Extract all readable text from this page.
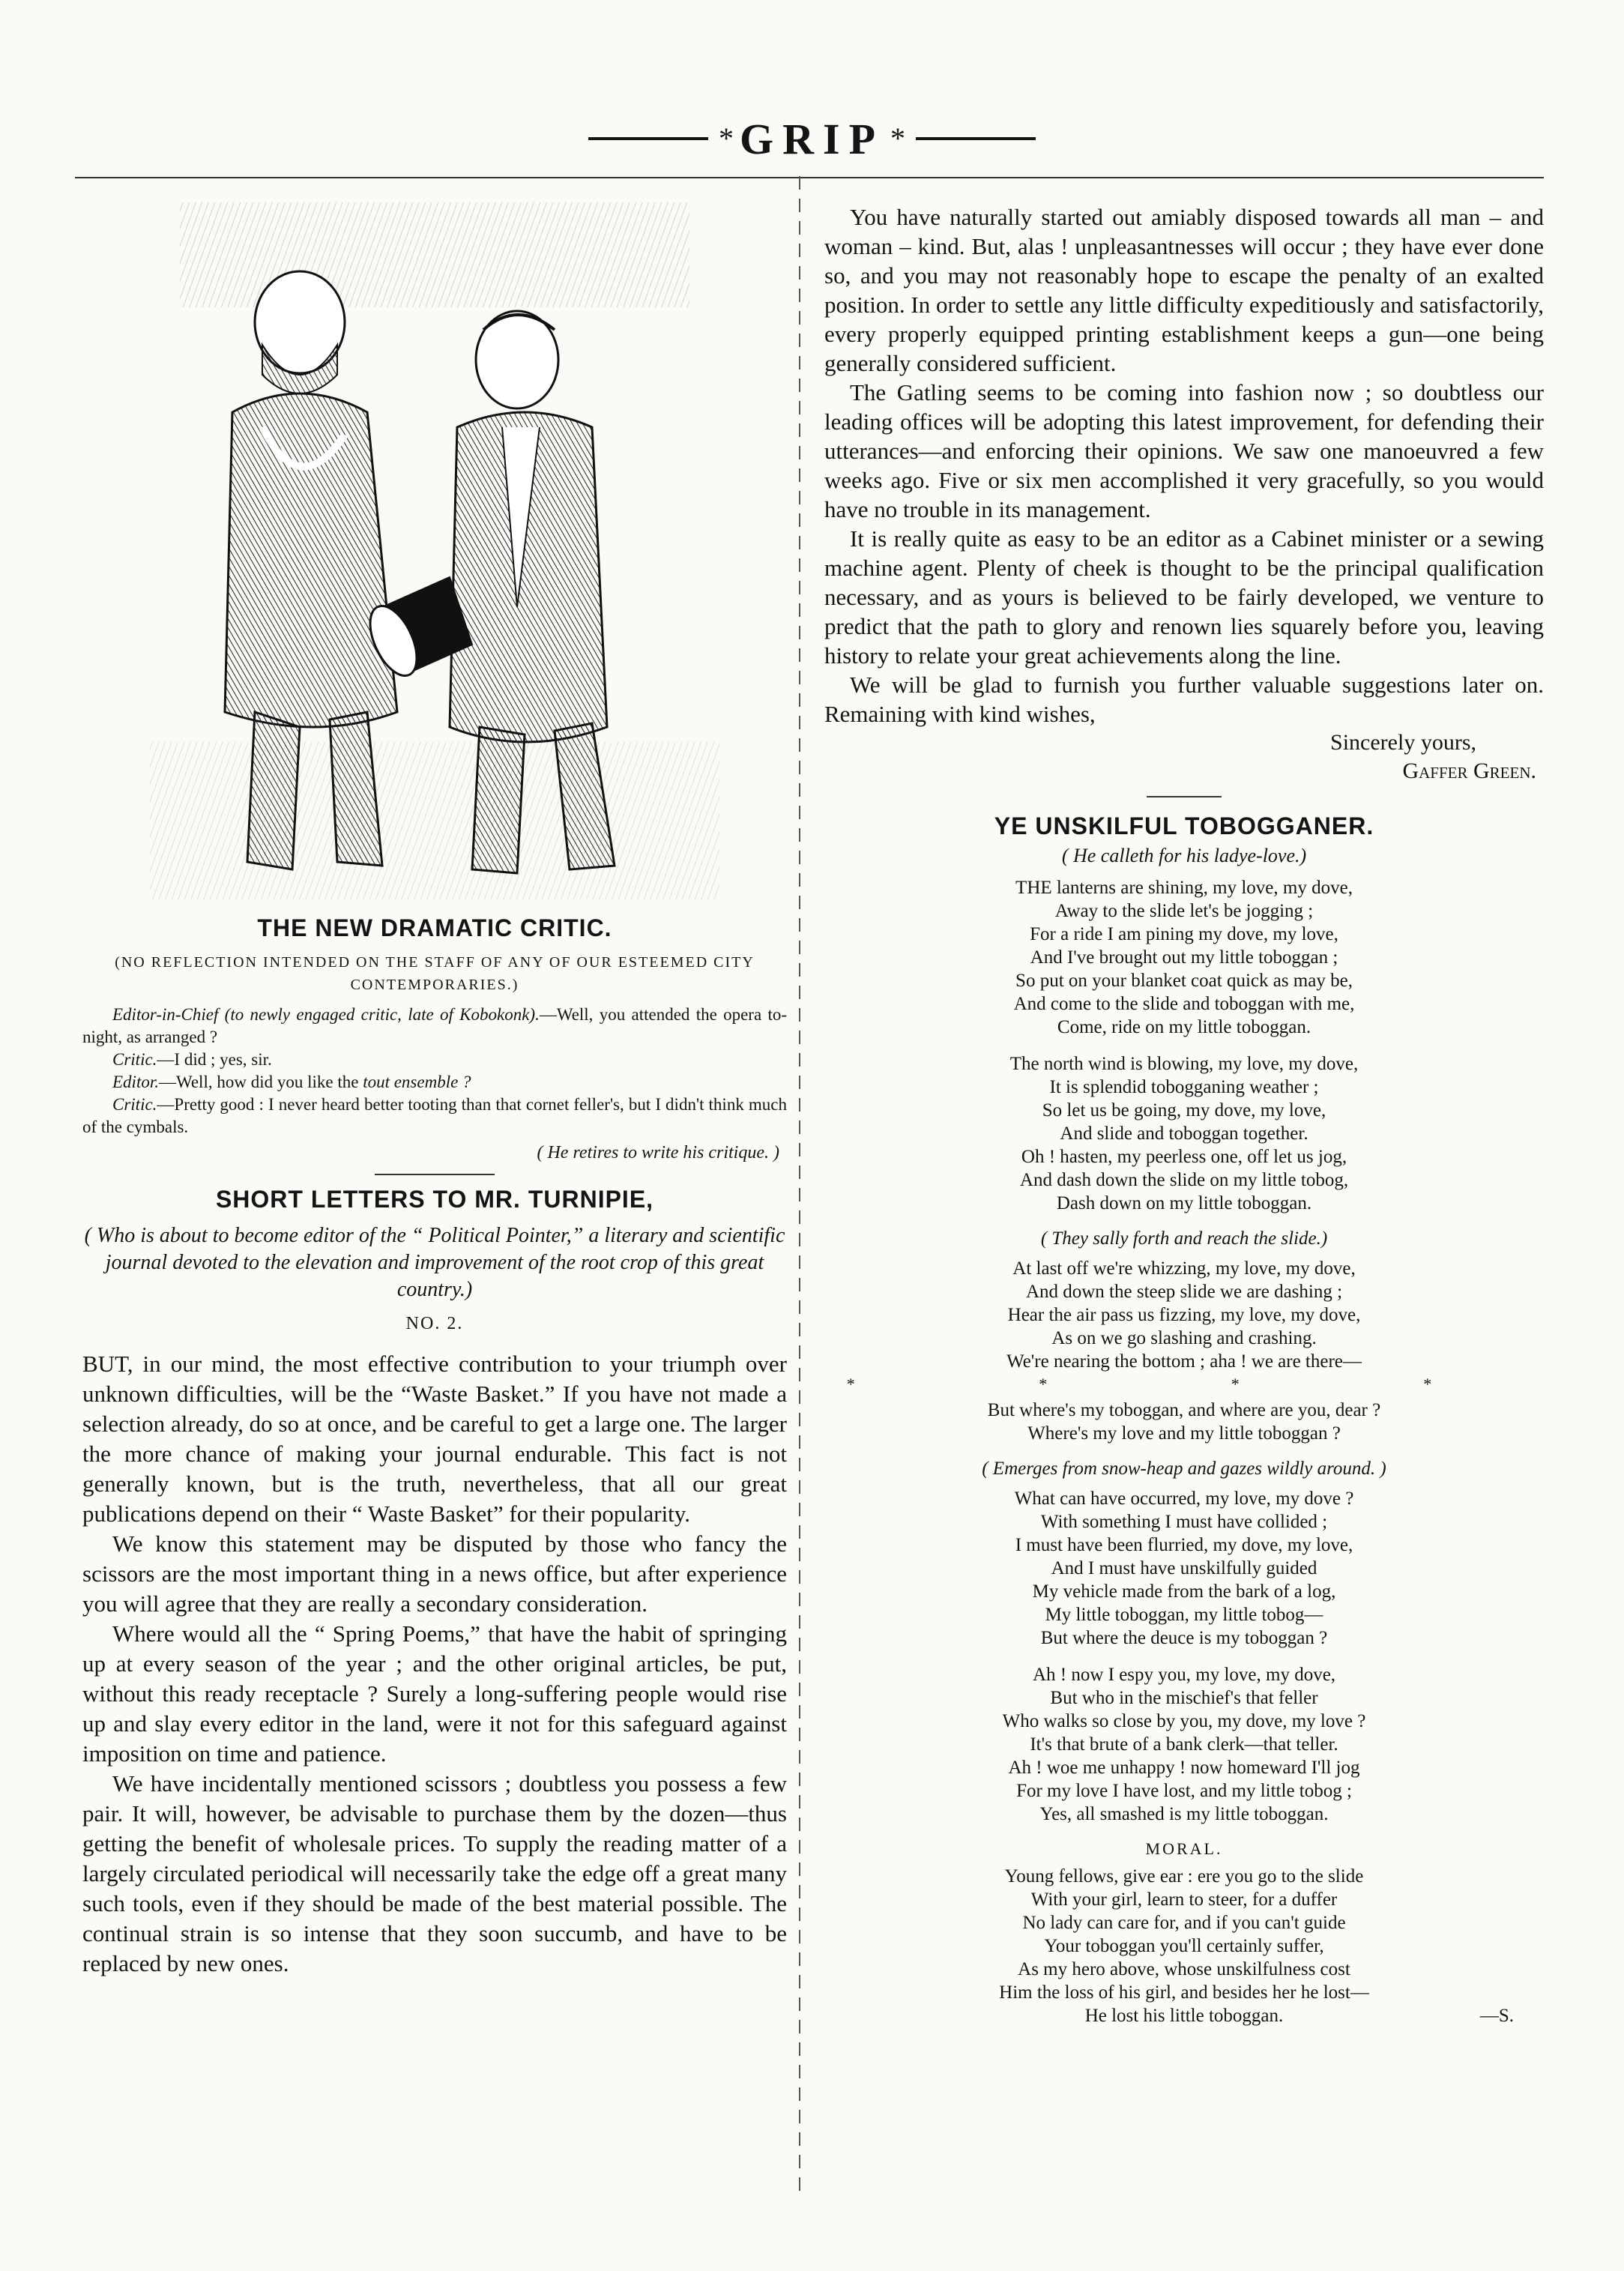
* GRIP *
THE NEW DRAMATIC CRITIC.
(NO REFLECTION INTENDED ON THE STAFF OF ANY OF OUR ESTEEMED CITY CONTEMPORARIES.)

Editor-in-Chief (to newly engaged critic, late of Kobokonk).—Well, you attended the opera to-night, as arranged ?

Critic.—I did ; yes, sir.

Editor.—Well, how did you like the tout ensemble ?

Critic.—Pretty good : I never heard better tooting than that cornet feller's, but I didn't think much of the cymbals.

( He retires to write his critique. )
SHORT LETTERS TO MR. TURNIPIE,
( Who is about to become editor of the “ Political Pointer,” a literary and scientific journal devoted to the elevation and improvement of the root crop of this great country.)
NO. 2.

BUT, in our mind, the most effective contribution to your triumph over unknown difficulties, will be the “Waste Basket.” If you have not made a selection already, do so at once, and be careful to get a large one. The larger the more chance of making your journal endurable. This fact is not generally known, but is the truth, nevertheless, that all our great publications depend on their “ Waste Basket” for their popularity.

We know this statement may be disputed by those who fancy the scissors are the most important thing in a news office, but after experience you will agree that they are really a secondary consideration.

Where would all the “ Spring Poems,” that have the habit of springing up at every season of the year ; and the other original articles, be put, without this ready receptacle ? Surely a long-suffering people would rise up and slay every editor in the land, were it not for this safeguard against imposition on time and patience.

We have incidentally mentioned scissors ; doubtless you possess a few pair. It will, however, be advisable to purchase them by the dozen—thus getting the benefit of wholesale prices. To supply the reading matter of a largely circulated periodical will necessarily take the edge off a great many such tools, even if they should be made of the best material possible. The continual strain is so intense that they soon succumb, and have to be replaced by new ones.

You have naturally started out amiably disposed towards all man – and woman – kind. But, alas ! unpleasantnesses will occur ; they have ever done so, and you may not reasonably hope to escape the penalty of an exalted position. In order to settle any little difficulty expeditiously and satisfactorily, every properly equipped printing establishment keeps a gun—one being generally considered sufficient.

The Gatling seems to be coming into fashion now ; so doubtless our leading offices will be adopting this latest improvement, for defending their utterances—and enforcing their opinions. We saw one manoeuvred a few weeks ago. Five or six men accomplished it very gracefully, so you would have no trouble in its management.

It is really quite as easy to be an editor as a Cabinet minister or a sewing machine agent. Plenty of cheek is thought to be the principal qualification necessary, and as yours is believed to be fairly developed, we venture to predict that the path to glory and renown lies squarely before you, leaving history to relate your great achievements along the line.

We will be glad to furnish you further valuable suggestions later on. Remaining with kind wishes,

Sincerely yours,

Gaffer Green.

YE UNSKILFUL TOBOGGANER.
( He calleth for his ladye-love.)
THE lanterns are shining, my love, my dove,
Away to the slide let's be jogging ;
For a ride I am pining my dove, my love,
And I've brought out my little toboggan ;
So put on your blanket coat quick as may be,
And come to the slide and toboggan with me,
Come, ride on my little toboggan.
The north wind is blowing, my love, my dove,
It is splendid tobogganing weather ;
So let us be going, my dove, my love,
And slide and toboggan together.
Oh ! hasten, my peerless one, off let us jog,
And dash down the slide on my little tobog,
Dash down on my little toboggan.
( They sally forth and reach the slide.)
At last off we're whizzing, my love, my dove,
And down the steep slide we are dashing ;
Hear the air pass us fizzing, my love, my dove,
As on we go slashing and crashing.
We're nearing the bottom ; aha ! we are there—
* * * *
But where's my toboggan, and where are you, dear ?
Where's my love and my little toboggan ?
( Emerges from snow-heap and gazes wildly around. )
What can have occurred, my love, my dove ?
With something I must have collided ;
I must have been flurried, my dove, my love,
And I must have unskilfully guided
My vehicle made from the bark of a log,
My little toboggan, my little tobog—
But where the deuce is my toboggan ?
Ah ! now I espy you, my love, my dove,
But who in the mischief's that feller
Who walks so close by you, my dove, my love ?
It's that brute of a bank clerk—that teller.
Ah ! woe me unhappy ! now homeward I'll jog
For my love I have lost, and my little tobog ;
Yes, all smashed is my little toboggan.
MORAL.
Young fellows, give ear : ere you go to the slide
With your girl, learn to steer, for a duffer
No lady can care for, and if you can't guide
Your toboggan you'll certainly suffer,
As my hero above, whose unskilfulness cost
Him the loss of his girl, and besides her he lost—
He lost his little toboggan.	—S.
